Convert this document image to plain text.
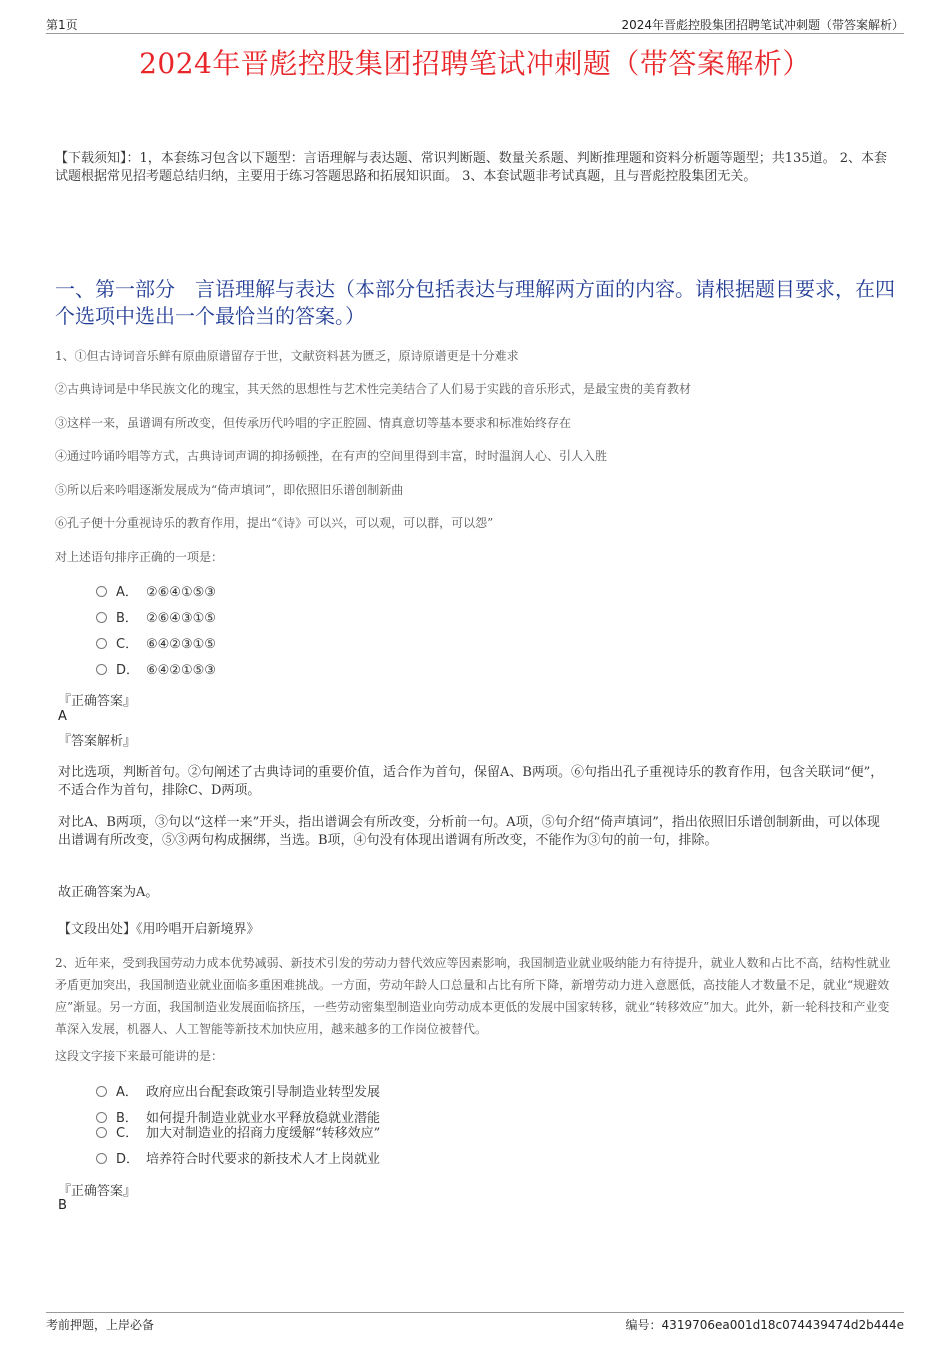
第1页	2024年晋彪控股集团招聘笔试冲刺题（带答案解析）
2024年晋彪控股集团招聘笔试冲刺题（带答案解析）
【下载须知】：1，本套练习包含以下题型：言语理解与表达题、常识判断题、数量关系题、判断推理题和资料分析题等题型；共135道。 2、本套试题根据常见招考题总结归纳，主要用于练习答题思路和拓展知识面。 3、本套试题非考试真题，且与晋彪控股集团无关。
一、第一部分　言语理解与表达（本部分包括表达与理解两方面的内容。请根据题目要求，在四个选项中选出一个最恰当的答案。）
1、①但古诗词音乐鲜有原曲原谱留存于世，文献资料甚为匮乏，原诗原谱更是十分难求
②古典诗词是中华民族文化的瑰宝，其天然的思想性与艺术性完美结合了人们易于实践的音乐形式，是最宝贵的美育教材
③这样一来，虽谱调有所改变，但传承历代吟唱的字正腔圆、情真意切等基本要求和标准始终存在
④通过吟诵吟唱等方式，古典诗词声调的抑扬顿挫，在有声的空间里得到丰富，时时温润人心、引人入胜
⑤所以后来吟唱逐渐发展成为“倚声填词”，即依照旧乐谱创制新曲
⑥孔子便十分重视诗乐的教育作用，提出“《诗》可以兴，可以观，可以群，可以怨”
对上述语句排序正确的一项是：
A． ②⑥④①⑤③
B． ②⑥④③①⑤
C． ⑥④②③①⑤
D． ⑥④②①⑤③
『正确答案』
A
『答案解析』
对比选项，判断首句。②句阐述了古典诗词的重要价值，适合作为首句，保留A、B两项。⑥句指出孔子重视诗乐的教育作用，包含关联词“便”，不适合作为首句，排除C、D两项。
对比A、B两项，③句以“这样一来”开头，指出谱调会有所改变，分析前一句。A项，⑤句介绍“倚声填词”，指出依照旧乐谱创制新曲，可以体现出谱调有所改变，⑤③两句构成捆绑，当选。B项，④句没有体现出谱调有所改变，不能作为③句的前一句，排除。
故正确答案为A。
【文段出处】《用吟唱开启新境界》
2、近年来，受到我国劳动力成本优势减弱、新技术引发的劳动力替代效应等因素影响，我国制造业就业吸纳能力有待提升，就业人数和占比不高，结构性就业矛盾更加突出，我国制造业就业面临多重困难挑战。一方面，劳动年龄人口总量和占比有所下降，新增劳动力进入意愿低，高技能人才数量不足，就业“规避效应”渐显。另一方面，我国制造业发展面临挤压，一些劳动密集型制造业向劳动成本更低的发展中国家转移，就业“转移效应”加大。此外，新一轮科技和产业变革深入发展，机器人、人工智能等新技术加快应用，越来越多的工作岗位被替代。
这段文字接下来最可能讲的是：
A． 政府应出台配套政策引导制造业转型发展
B． 如何提升制造业就业水平释放稳就业潜能
C． 加大对制造业的招商力度缓解“转移效应”
D． 培养符合时代要求的新技术人才上岗就业
『正确答案』
B
考前押题，上岸必备	编号：4319706ea001d18c074439474d2b444e
